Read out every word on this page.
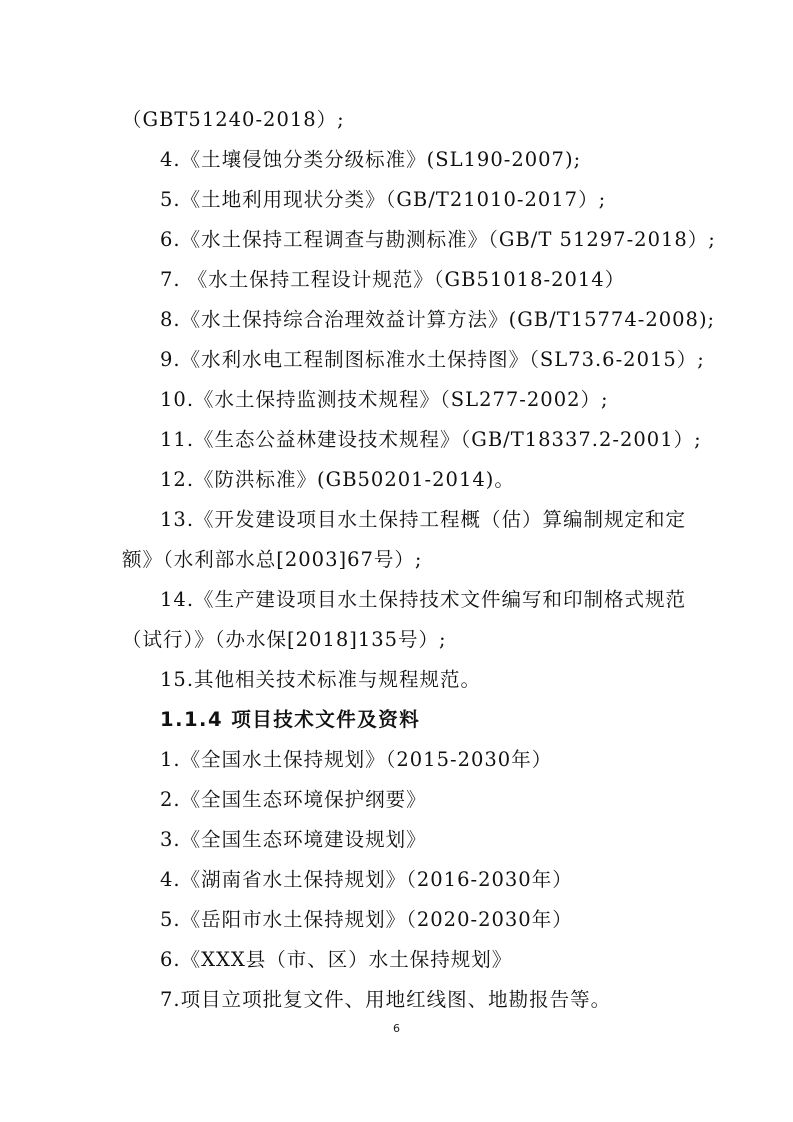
（GBT51240-2018）;
4.《土壤侵蚀分类分级标准》(SL190-2007);
5.《土地利用现状分类》（GB/T21010-2017）;
6.《水土保持工程调查与勘测标准》（GB/T 51297-2018）;
7. 《水土保持工程设计规范》（GB51018-2014）
8.《水土保持综合治理效益计算方法》(GB/T15774-2008);
9.《水利水电工程制图标准水土保持图》（SL73.6-2015）;
10.《水土保持监测技术规程》（SL277-2002）;
11.《生态公益林建设技术规程》（GB/T18337.2-2001）;
12.《防洪标准》(GB50201-2014)。
13.《开发建设项目水土保持工程概（估）算编制规定和定
额》（水利部水总[2003]67号）;
14.《生产建设项目水土保持技术文件编写和印制格式规范
（试行）》（办水保[2018]135号）;
15.其他相关技术标准与规程规范。
1.1.4 项目技术文件及资料
1.《全国水土保持规划》（2015-2030年）
2.《全国生态环境保护纲要》
3.《全国生态环境建设规划》
4.《湖南省水土保持规划》（2016-2030年）
5.《岳阳市水土保持规划》（2020-2030年）
6.《XXX县（市、区）水土保持规划》
7.项目立项批复文件、用地红线图、地勘报告等。
6
